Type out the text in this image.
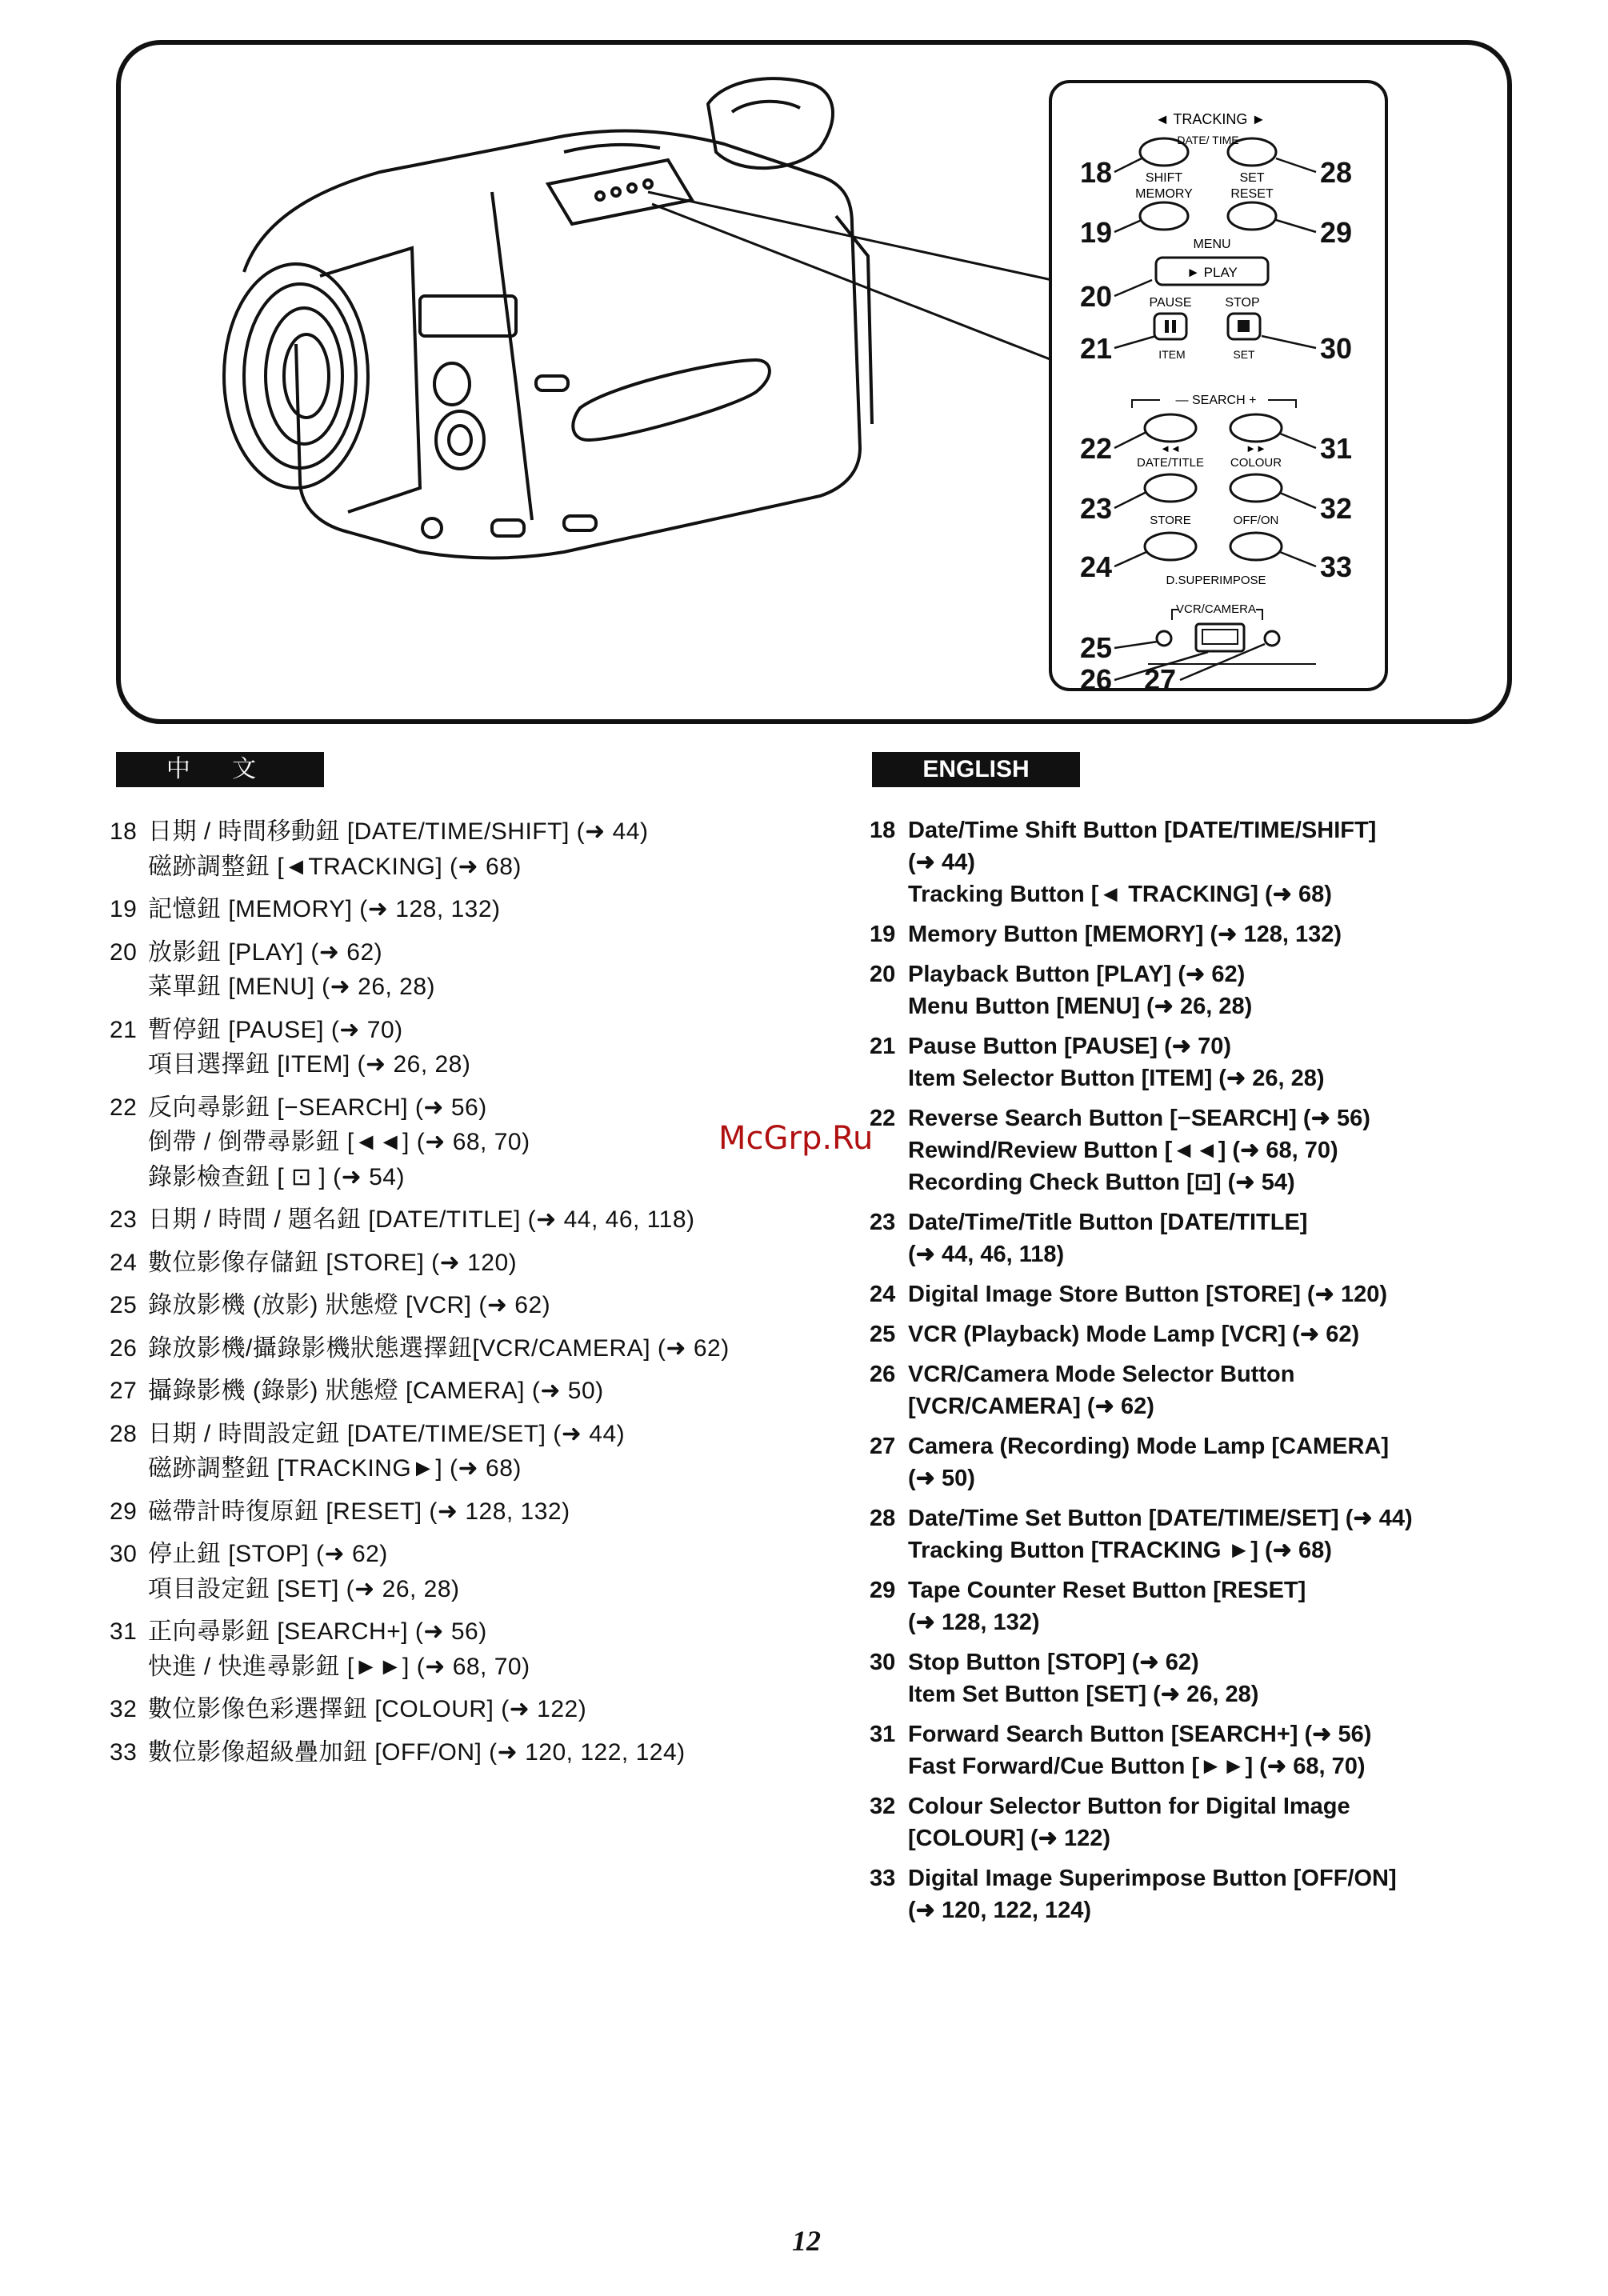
◄ TRACKING ►
DATE/ TIME
SHIFT	SET
MEMORY	RESET
MENU
► PLAY
PAUSE	STOP
ITEM	SET
— SEARCH +
◄◄	►►
DATE/TITLE COLOUR
STORE	OFF/ON
D.SUPERIMPOSE
VCR/CAMERA
18
19
20
21
22
23
24
25
26 27
28
29
30
31
32
33
中 文	ENGLISH
18 日期 / 時間移動鈕 [DATE/TIME/SHIFT] (➜ 44)
磁跡調整鈕 [◄TRACKING] (➜ 68)
19 記憶鈕 [MEMORY] (➜ 128, 132)
20 放影鈕 [PLAY] (➜ 62)
菜單鈕 [MENU] (➜ 26, 28)
21 暫停鈕 [PAUSE] (➜ 70)
項目選擇鈕 [ITEM] (➜ 26, 28)
22 反向尋影鈕 [−SEARCH] (➜ 56)
倒帶 / 倒帶尋影鈕 [◄◄] (➜ 68, 70)
錄影檢查鈕 [ ⊡ ] (➜ 54)
23 日期 / 時間 / 題名鈕 [DATE/TITLE] (➜ 44, 46, 118)
24 數位影像存儲鈕 [STORE] (➜ 120)
25 錄放影機 (放影) 狀態燈 [VCR] (➜ 62)
26 錄放影機/攝錄影機狀態選擇鈕[VCR/CAMERA] (➜ 62)
27 攝錄影機 (錄影) 狀態燈 [CAMERA] (➜ 50)
28 日期 / 時間設定鈕 [DATE/TIME/SET] (➜ 44)
磁跡調整鈕 [TRACKING►] (➜ 68)
29 磁帶計時復原鈕 [RESET] (➜ 128, 132)
30 停止鈕 [STOP] (➜ 62)
項目設定鈕 [SET] (➜ 26, 28)
31 正向尋影鈕 [SEARCH+] (➜ 56)
快進 / 快進尋影鈕 [►►] (➜ 68, 70)
32 數位影像色彩選擇鈕 [COLOUR] (➜ 122)
33 數位影像超級疊加鈕 [OFF/ON] (➜ 120, 122, 124)
18 Date/Time Shift Button [DATE/TIME/SHIFT]
(➜ 44)
Tracking Button [◄ TRACKING] (➜ 68)
19 Memory Button [MEMORY] (➜ 128, 132)
20 Playback Button [PLAY] (➜ 62)
Menu Button [MENU] (➜ 26, 28)
21 Pause Button [PAUSE] (➜ 70)
Item Selector Button [ITEM] (➜ 26, 28)
22 Reverse Search Button [−SEARCH] (➜ 56)
Rewind/Review Button [◄◄] (➜ 68, 70)
Recording Check Button [⊡] (➜ 54)
23 Date/Time/Title Button [DATE/TITLE]
(➜ 44, 46, 118)
24 Digital Image Store Button [STORE] (➜ 120)
25 VCR (Playback) Mode Lamp [VCR] (➜ 62)
26 VCR/Camera Mode Selector Button
[VCR/CAMERA] (➜ 62)
27 Camera (Recording) Mode Lamp [CAMERA]
(➜ 50)
28 Date/Time Set Button [DATE/TIME/SET] (➜ 44)
Tracking Button [TRACKING ►] (➜ 68)
29 Tape Counter Reset Button [RESET]
(➜ 128, 132)
30 Stop Button [STOP] (➜ 62)
Item Set Button [SET] (➜ 26, 28)
31 Forward Search Button [SEARCH+] (➜ 56)
Fast Forward/Cue Button [►►] (➜ 68, 70)
32 Colour Selector Button for Digital Image
[COLOUR] (➜ 122)
33 Digital Image Superimpose Button [OFF/ON]
(➜ 120, 122, 124)
McGrp.Ru
12
